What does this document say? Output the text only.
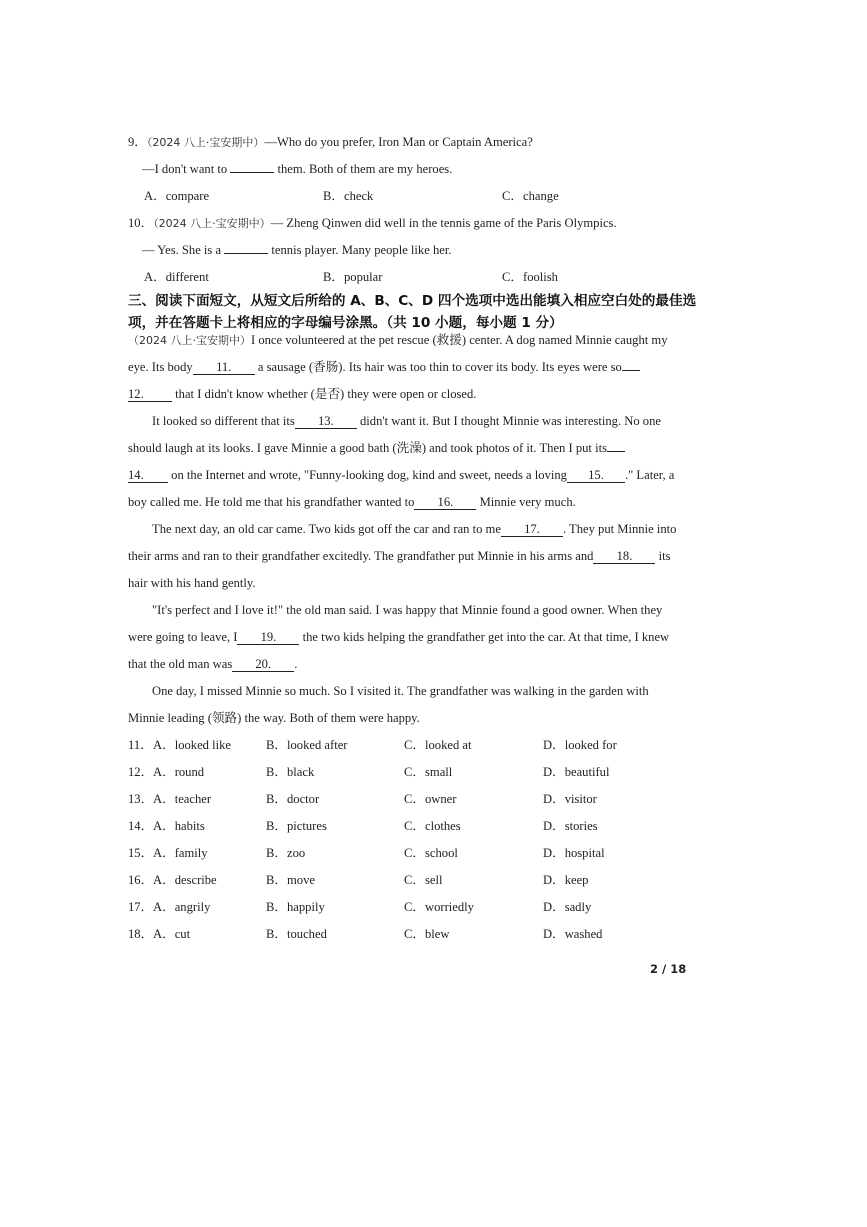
9．（2024 八上·宝安期中）—Who do you prefer, Iron Man or Captain America?
—I don't want to	them. Both of them are my heroes.
A．compare	B．check	C．change
10．（2024 八上·宝安期中）— Zheng Qinwen did well in the tennis game of the Paris Olympics.
— Yes. She is a	tennis player. Many people like her.
A．different	B．popular	C．foolish
三、阅读下面短文，从短文后所给的 A、B、C、D 四个选项中选出能填入相应空白处的最佳选项，并在答题卡上将相应的字母编号涂黑。（共 10 小题，每小题 1 分）
（2024 八上·宝安期中）I once volunteered at the pet rescue (救援) center. A dog named Minnie caught my
eye. Its body 11. a sausage (香肠). Its hair was too thin to cover its body. Its eyes were so
12. that I didn't know whether (是否) they were open or closed.
It looked so different that its 13. didn't want it. But I thought Minnie was interesting. No one
should laugh at its looks. I gave Minnie a good bath (洗澡) and took photos of it. Then I put its
14. on the Internet and wrote, "Funny-looking dog, kind and sweet, needs a loving 15. ." Later, a
boy called me. He told me that his grandfather wanted to 16. Minnie very much.
The next day, an old car came. Two kids got off the car and ran to me 17. . They put Minnie into
their arms and ran to their grandfather excitedly. The grandfather put Minnie in his arms and 18. its
hair with his hand gently.
"It's perfect and I love it!" the old man said. I was happy that Minnie found a good owner. When they
were going to leave, I 19. the two kids helping the grandfather get into the car. At that time, I knew
that the old man was 20. .
One day, I missed Minnie so much. So I visited it. The grandfather was walking in the garden with
Minnie leading (领路) the way. Both of them were happy.
11． A．looked like	B．looked after	C．looked at	D．looked for
12． A．round	B．black	C．small	D．beautiful
13． A．teacher	B．doctor	C．owner	D．visitor
14． A．habits	B．pictures	C．clothes	D．stories
15． A．family	B．zoo	C．school	D．hospital
16． A．describe	B．move	C．sell	D．keep
17． A．angrily	B．happily	C．worriedly	D．sadly
18． A．cut	B．touched	C．blew	D．washed
2 / 18
